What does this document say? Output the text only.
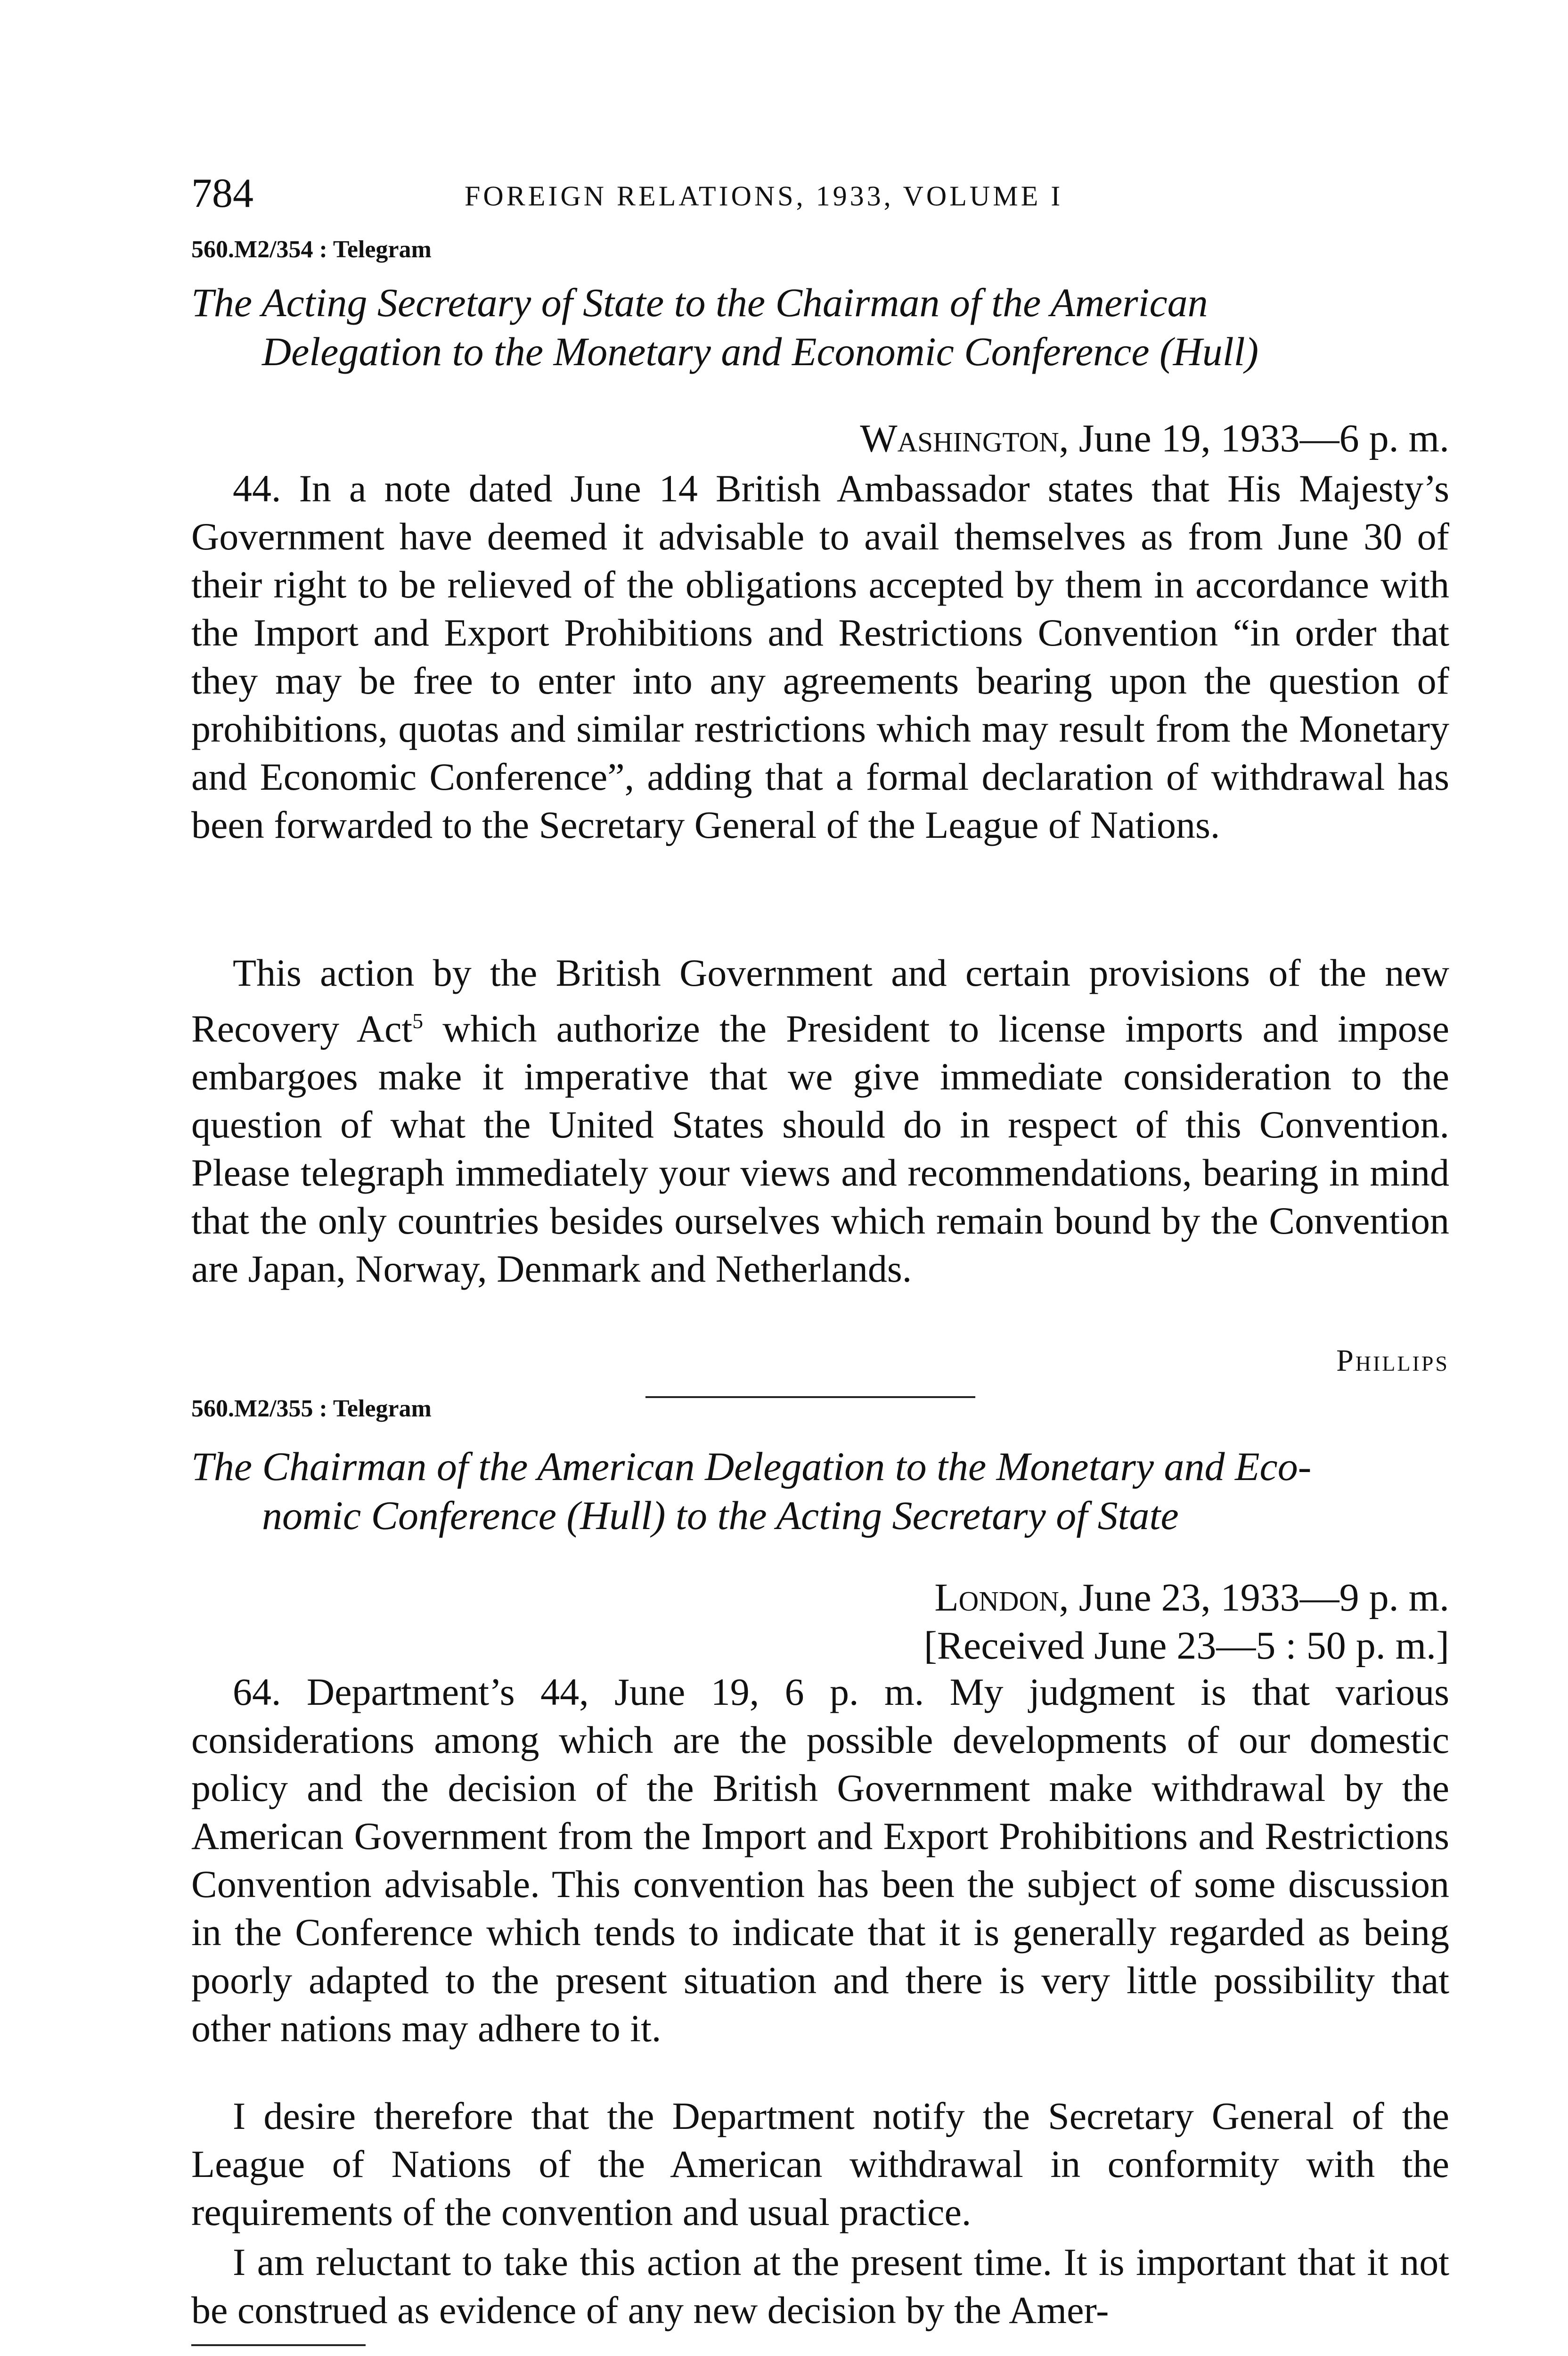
784	FOREIGN RELATIONS, 1933, VOLUME I
560.M2/354 : Telegram
The Acting Secretary of State to the Chairman of the American
Delegation to the Monetary and Economic Conference (Hull)
Washington, June 19, 1933—6 p. m.

44. In a note dated June 14 British Ambassador states that His Majesty’s Government have deemed it advisable to avail themselves as from June 30 of their right to be relieved of the obligations accepted by them in accordance with the Import and Export Prohibitions and Restrictions Convention “in order that they may be free to enter into any agreements bearing upon the question of prohibitions, quotas and similar restrictions which may result from the Monetary and Economic Conference”, adding that a formal declaration of withdrawal has been forwarded to the Secretary General of the League of Nations.

This action by the British Government and certain provisions of the new Recovery Act$^5$ which authorize the President to license imports and impose embargoes make it imperative that we give immediate consideration to the question of what the United States should do in respect of this Convention. Please telegraph immediately your views and recommendations, bearing in mind that the only countries besides ourselves which remain bound by the Convention are Japan, Norway, Denmark and Netherlands.

Phillips
560.M2/355 : Telegram
The Chairman of the American Delegation to the Monetary and Eco-
nomic Conference (Hull) to the Acting Secretary of State
London, June 23, 1933—9 p. m.
[Received June 23—5 : 50 p. m.]

64. Department’s 44, June 19, 6 p. m. My judgment is that various considerations among which are the possible developments of our domestic policy and the decision of the British Government make withdrawal by the American Government from the Import and Export Prohibitions and Restrictions Convention advisable. This convention has been the subject of some discussion in the Conference which tends to indicate that it is generally regarded as being poorly adapted to the present situation and there is very little possibility that other nations may adhere to it.

I desire therefore that the Department notify the Secretary General of the League of Nations of the American withdrawal in conformity with the requirements of the convention and usual practice.

I am reluctant to take this action at the present time. It is important that it not be construed as evidence of any new decision by the Amer-
